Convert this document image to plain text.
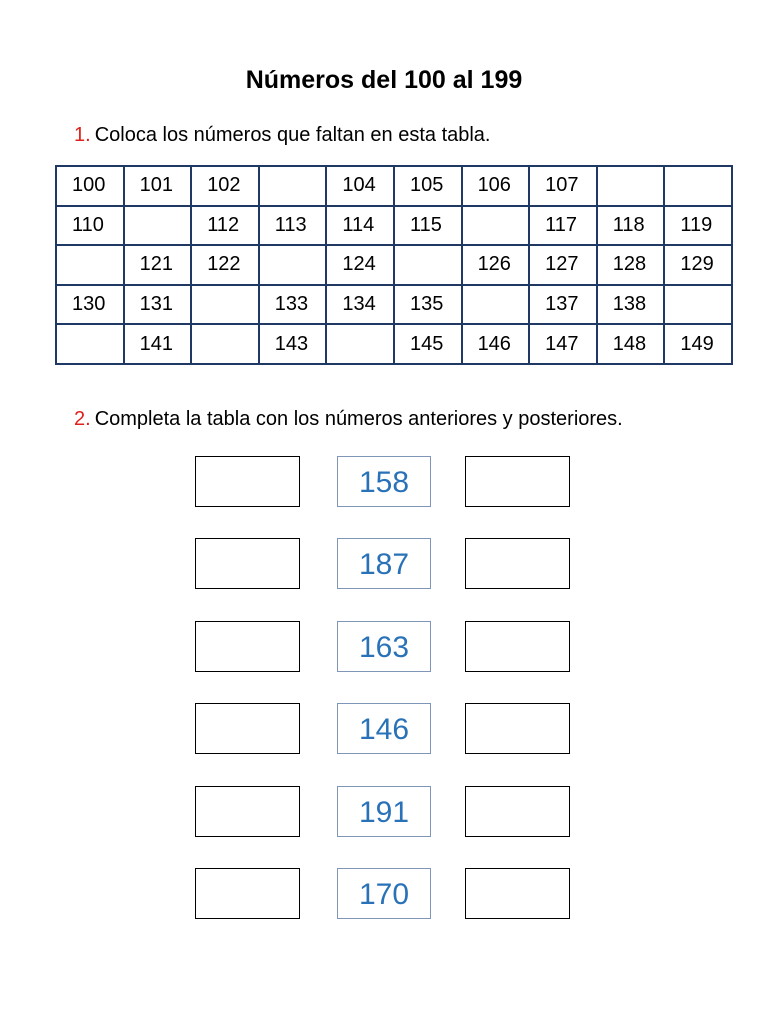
Números del 100 al 199
1. Coloca los números que faltan en esta tabla.
100	101	102		104	105	106	107		
110		112	113	114	115		117	118	119
	121	122		124		126	127	128	129
130	131		133	134	135		137	138	
	141		143		145	146	147	148	149
2. Completa la tabla con los números anteriores y posteriores.
158
187
163
146
191
170
